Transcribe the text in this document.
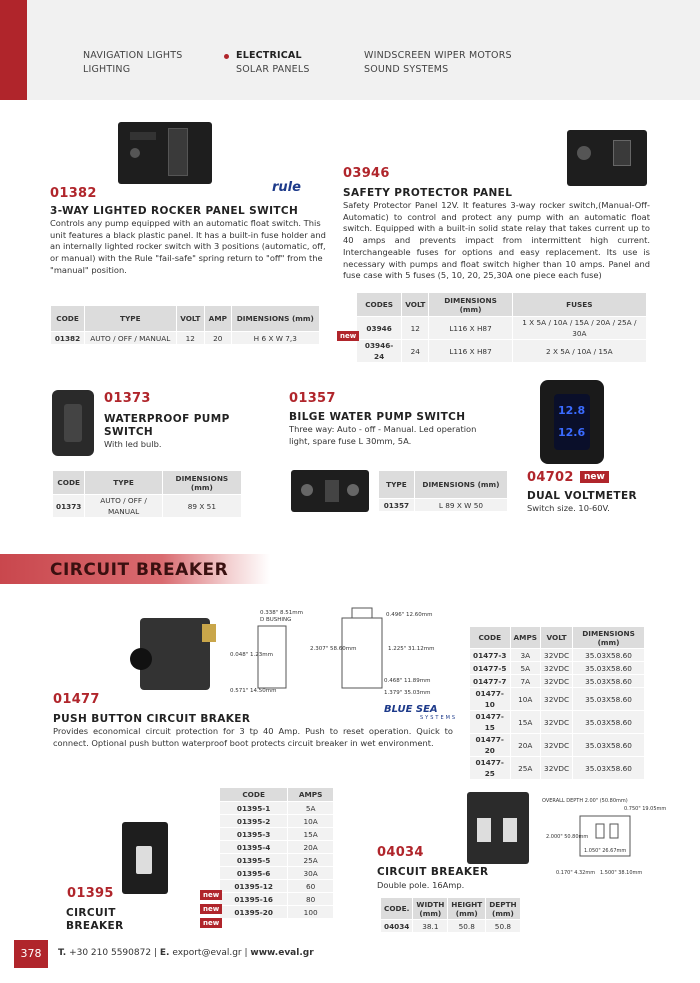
NAVIGATION LIGHTS
LIGHTING
ELECTRICAL
SOLAR PANELS
WINDSCREEN WIPER MOTORS
SOUND SYSTEMS
rule
01382
3-WAY LIGHTED ROCKER PANEL SWITCH
Controls any pump equipped with an automatic float switch. This unit features a black plastic panel. It has a built-in fuse holder and an internally lighted rocker switch with 3 positions (automatic, off, or manual) with the Rule "fail-safe" spring return to "off" from the "manual" position.
CODE	TYPE	VOLT	AMP	DIMENSIONS (mm)
01382	AUTO / OFF / MANUAL	12	20	H 6 X W 7,3
03946
SAFETY PROTECTOR PANEL
Safety Protector Panel 12V. It features 3-way rocker switch,(Manual-Off-Automatic) to control and protect any pump with an automatic float switch. Equipped with a built-in solid state relay that takes current up to 40 amps and prevents impact from intermittent high current. Interchangeable fuses for options and easy replacement. Its use is necessary with pumps and float switch higher than 10 amps. Panel and fuse case with 5 fuses (5, 10, 20, 25,30A one piece each fuse)
CODES	VOLT	DIMENSIONS (mm)	FUSES
03946	12	L116 X H87	1 X 5A / 10A / 15A / 20A / 25A / 30A
03946-24	24	L116 X H87	2 X 5A / 10A / 15A
new
01373
WATERPROOF PUMP SWITCH
With led bulb.
CODE	TYPE	DIMENSIONS (mm)
01373	AUTO / OFF / MANUAL	89 X 51
01357
BILGE WATER PUMP SWITCH
Three way: Auto - off - Manual. Led operation light, spare fuse L 30mm, 5A.
TYPE	DIMENSIONS (mm)
01357	L 89 X W 50
12.8
12.6
04702	new
DUAL VOLTMETER
Switch size. 10-60V.
CIRCUIT BREAKER
0.338" 8.51mm
D BUSHING
0.048" 1.23mm
0.571" 14.50mm
2.307" 58.60mm
0.496" 12.60mm
1.225" 31.12mm
0.468" 11.89mm
1.379" 35.03mm
01477
BLUE SEA
SYSTEMS
PUSH BUTTON CIRCUIT BRAKER
Provides economical circuit protection for 3 tp 40 Amp. Push to reset operation. Quick to connect. Optional push button waterproof boot protects circuit breaker in wet environment.
CODE	AMPS	VOLT	DIMENSIONS (mm)
01477-3	3A	32VDC	35.03X58.60
01477-5	5A	32VDC	35.03X58.60
01477-7	7A	32VDC	35.03X58.60
01477-10	10A	32VDC	35.03X58.60
01477-15	15A	32VDC	35.03X58.60
01477-20	20A	32VDC	35.03X58.60
01477-25	25A	32VDC	35.03X58.60
01395
CIRCUIT BREAKER
CODE	AMPS
01395-1	5A
01395-2	10A
01395-3	15A
01395-4	20A
01395-5	25A
01395-6	30A
01395-12	60
01395-16	80
01395-20	100
new
new
new
OVERALL DEPTH 2.00" (50.80mm)
0.750" 19.05mm
2.000" 50.80mm
1.050" 26.67mm
0.170" 4.32mm 1.500" 38.10mm
04034
CIRCUIT BREAKER
Double pole. 16Amp.
CODE.	WIDTH (mm)	HEIGHT (mm)	DEPTH (mm)
04034	38.1	50.8	50.8
378	T. +30 210 5590872 | E. export@eval.gr | www.eval.gr
